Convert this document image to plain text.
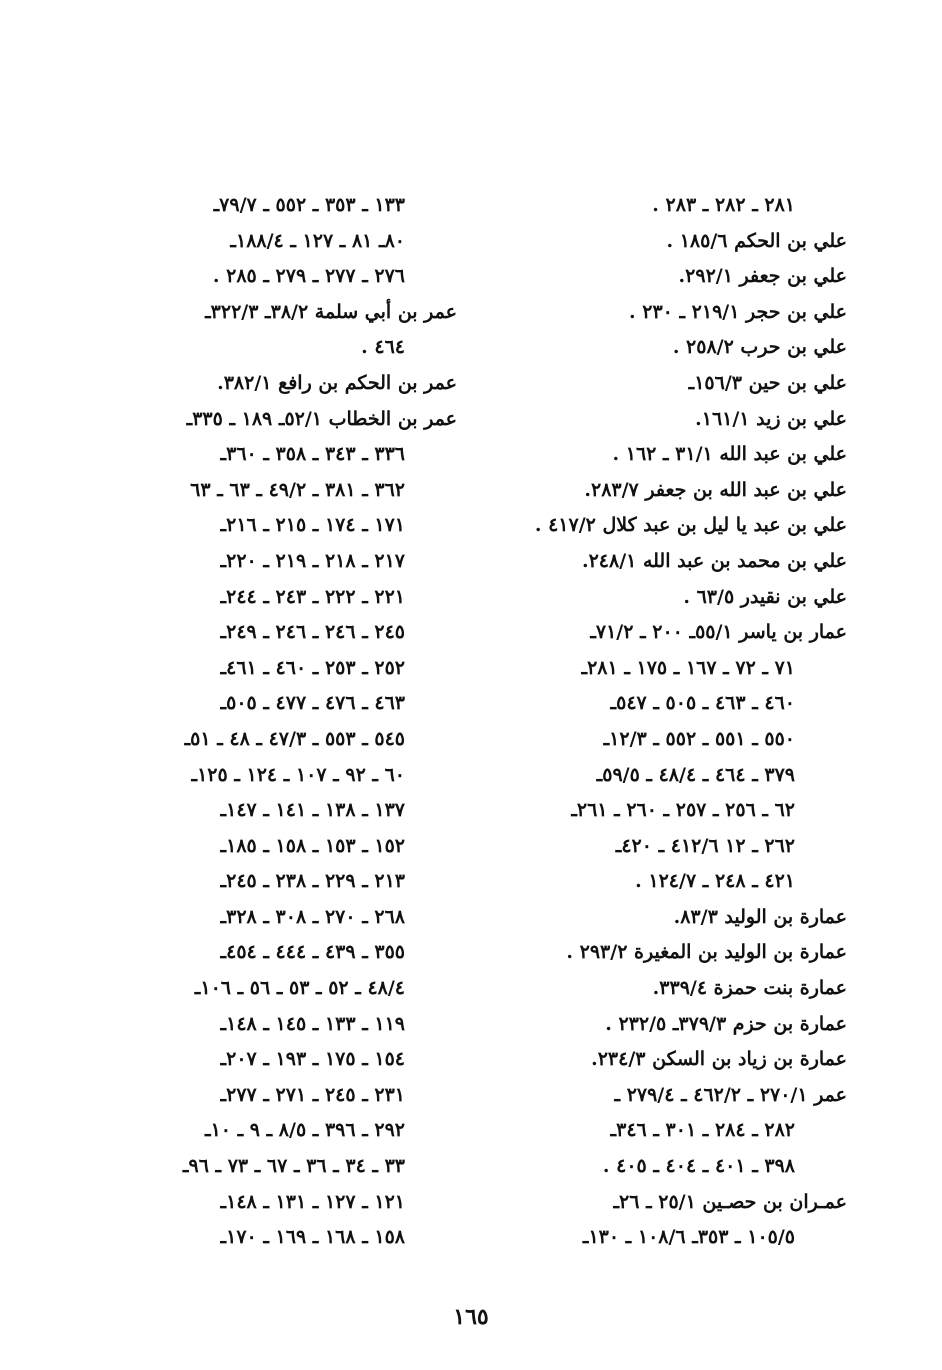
٢٨١ ـ ٢٨٢ ـ ٢٨٣ .
علي بن الحكم ١٨٥/٦ .
علي بن جعفر ٢٩٢/١.
علي بن حجر ٢١٩/١ ـ ٢٣٠ .
علي بن حرب ٢٥٨/٢ .
علي بن حين ١٥٦/٣ـ
علي بن زيد ١٦١/١.
علي بن عبد الله ٣١/١ ـ ١٦٢ .
علي بن عبد الله بن جعفر ٢٨٣/٧.
علي بن عبد يا ليل بن عبد كلال ٤١٧/٢ .
علي بن محمد بن عبد الله ٢٤٨/١.
علي بن نقيدر ٦٣/٥ .
عمار بن ياسر ٥٥/١ـ ٢٠٠ ـ ٧١/٢ـ
٧١ ـ ٧٢ ـ ١٦٧ ـ ١٧٥ ـ ٢٨١ـ
٤٦٠ ـ ٤٦٣ ـ ٥٠٥ ـ ٥٤٧ـ
٥٥٠ ـ ٥٥١ ـ ٥٥٢ ـ ١٢/٣ـ
٣٧٩ ـ ٤٦٤ ـ ٤٨/٤ ـ ٥٩/٥ـ
٦٢ ـ ٢٥٦ ـ ٢٥٧ ـ ٢٦٠ ـ ٢٦١ـ
٢٦٢ ـ ١٢ ٤١٢/٦ ـ ٤٢٠ـ
٤٢١ ـ ٢٤٨ ـ ١٢٤/٧ .
عمارة بن الوليد ٨٣/٣.
عمارة بن الوليد بن المغيرة ٢٩٣/٢ .
عمارة بنت حمزة ٣٣٩/٤.
عمارة بن حزم ٣٧٩/٣ـ ٢٣٢/٥ .
عمارة بن زياد بن السكن ٢٣٤/٣.
عمر ٢٧٠/١ ـ ٤٦٢/٢ ـ ٢٧٩/٤ ـ
٢٨٢ ـ ٢٨٤ ـ ٣٠١ ـ ٣٤٦ـ
٣٩٨ ـ ٤٠١ ـ ٤٠٤ ـ ٤٠٥ .
عمـران بن حصـين ٢٥/١ ـ ٢٦ـ
١٠٥/٥ ـ ٣٥٣ـ ١٠٨/٦ ـ ١٣٠ـ
١٣٣ ـ ٣٥٣ ـ ٥٥٢ ـ ٧٩/٧ـ
٨٠ـ ٨١ ـ ١٢٧ ـ ١٨٨/٤ـ
٢٧٦ ـ ٢٧٧ ـ ٢٧٩ ـ ٢٨٥ .
عمر بن أبي سلمة ٣٨/٢ـ ٣٢٢/٣ـ
٤٦٤ .
عمر بن الحكم بن رافع ٣٨٢/١.
عمر بن الخطاب ٥٢/١ـ ١٨٩ ـ ٣٣٥ـ
٣٣٦ ـ ٣٤٣ ـ ٣٥٨ ـ ٣٦٠ـ
٣٦٢ ـ ٣٨١ ـ ٤٩/٢ ـ ٦٣ ـ ٦٣
١٧١ ـ ١٧٤ ـ ٢١٥ ـ ٢١٦ـ
٢١٧ ـ ٢١٨ ـ ٢١٩ ـ ٢٢٠ـ
٢٢١ ـ ٢٢٢ ـ ٢٤٣ ـ ٢٤٤ـ
٢٤٥ ـ ٢٤٦ ـ ٢٤٦ ـ ٢٤٩ـ
٢٥٢ ـ ٢٥٣ ـ ٤٦٠ ـ ٤٦١ـ
٤٦٣ ـ ٤٧٦ ـ ٤٧٧ ـ ٥٠٥ـ
٥٤٥ ـ ٥٥٣ ـ ٤٧/٣ ـ ٤٨ ـ ٥١ـ
٦٠ ـ ٩٢ ـ ١٠٧ ـ ١٢٤ ـ ١٢٥ـ
١٣٧ ـ ١٣٨ ـ ١٤١ ـ ١٤٧ـ
١٥٢ ـ ١٥٣ ـ ١٥٨ ـ ١٨٥ـ
٢١٣ ـ ٢٢٩ ـ ٢٣٨ ـ ٢٤٥ـ
٢٦٨ ـ ٢٧٠ ـ ٣٠٨ ـ ٣٢٨ـ
٣٥٥ ـ ٤٣٩ ـ ٤٤٤ ـ ٤٥٤ـ
٤٨/٤ ـ ٥٢ ـ ٥٣ ـ ٥٦ ـ ١٠٦ـ
١١٩ ـ ١٣٣ ـ ١٤٥ ـ ١٤٨ـ
١٥٤ ـ ١٧٥ ـ ١٩٣ ـ ٢٠٧ـ
٢٣١ ـ ٢٤٥ ـ ٢٧١ ـ ٢٧٧ـ
٢٩٢ ـ ٣٩٦ ـ ٨/٥ ـ ٩ ـ ١٠ـ
٣٣ ـ ٣٤ ـ ٣٦ ـ ٦٧ ـ ٧٣ ـ ٩٦ـ
١٢١ ـ ١٢٧ ـ ١٣١ ـ ١٤٨ـ
١٥٨ ـ ١٦٨ ـ ١٦٩ ـ ١٧٠ـ
١٦٥
